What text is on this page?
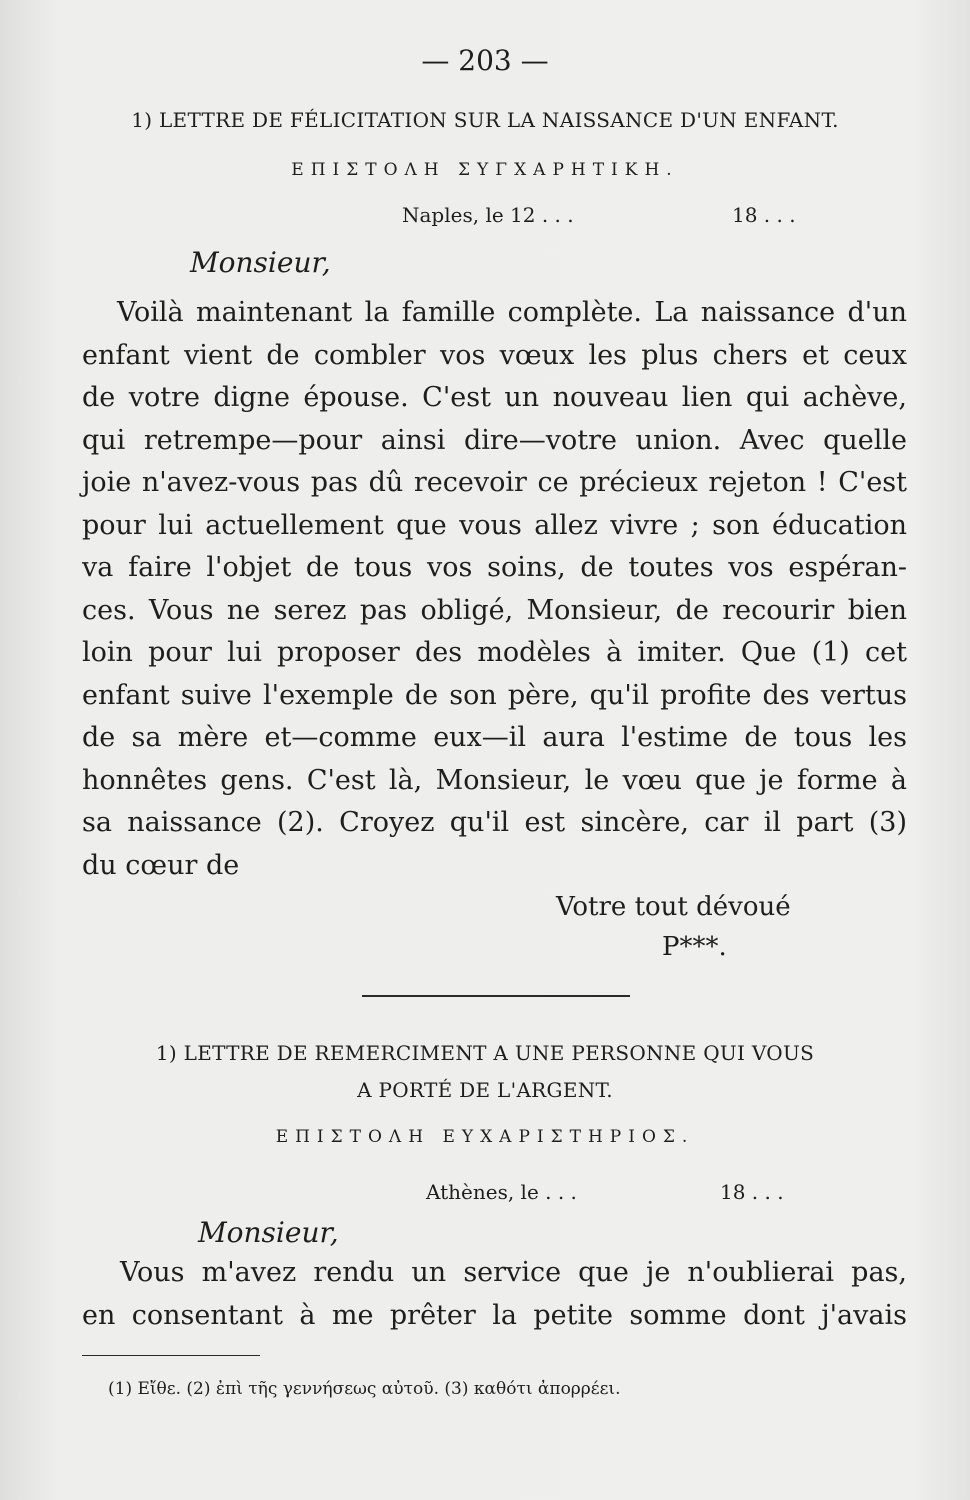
— 203 —

1) LETTRE DE FÉLICITATION SUR LA NAISSANCE D'UN ENFANT.

ΕΠΙΣΤΟΛΗ ΣΥΓΧΑΡΗΤΙΚΗ.

Naples, le 12 . . .	18 . . .

Monsieur,

Voilà maintenant la famille complète. La naissance d'un
enfant vient de combler vos vœux les plus chers et ceux
de votre digne épouse. C'est un nouveau lien qui achève,
qui retrempe—pour ainsi dire—votre union. Avec quelle
joie n'avez-vous pas dû recevoir ce précieux rejeton ! C'est
pour lui actuellement que vous allez vivre ; son éducation
va faire l'objet de tous vos soins, de toutes vos espéran-
ces. Vous ne serez pas obligé, Monsieur, de recourir bien
loin pour lui proposer des modèles à imiter. Que (1) cet
enfant suive l'exemple de son père, qu'il profite des vertus
de sa mère et—comme eux—il aura l'estime de tous les
honnêtes gens. C'est là, Monsieur, le vœu que je forme à
sa naissance (2). Croyez qu'il est sincère, car il part (3)
du cœur de

Votre tout dévoué

P***.

1) LETTRE DE REMERCIMENT A UNE PERSONNE QUI VOUS

A PORTÉ DE L'ARGENT.

ΕΠΙΣΤΟΛΗ ΕΥΧΑΡΙΣΤΗΡΙΟΣ.

Athènes, le . . .	18 . . .

Monsieur,

Vous m'avez rendu un service que je n'oublierai pas,
en consentant à me prêter la petite somme dont j'avais

(1) Εἴθε. (2) ἐπὶ τῆς γεννήσεως αὐτοῦ. (3) καθότι ἀπορρέει.
